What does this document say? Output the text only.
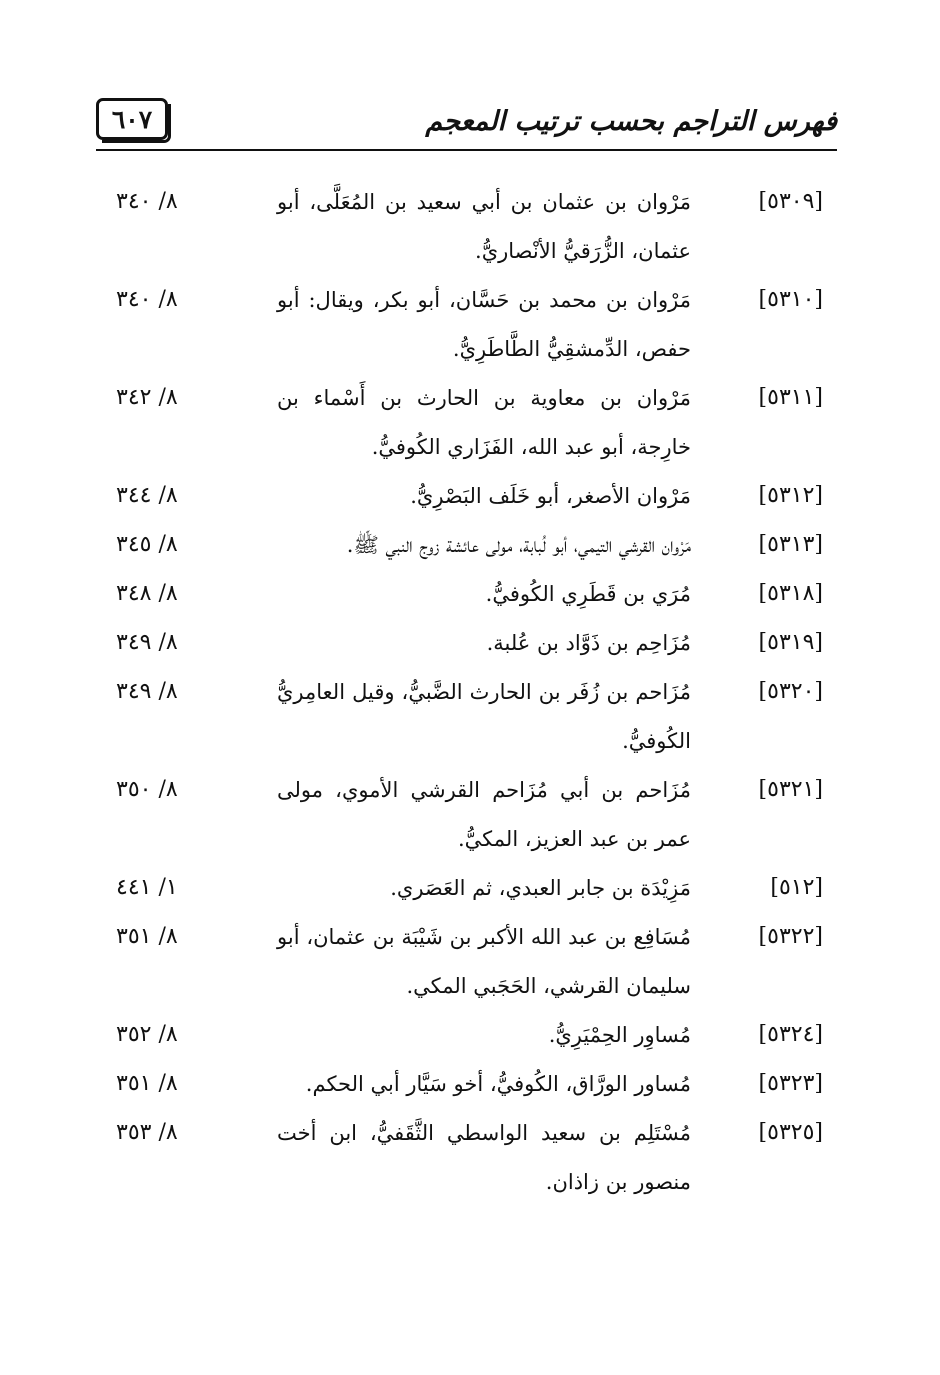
فهرس التراجم بحسب ترتيب المعجم
٦٠٧
[٥٣٠٩]
مَرْوان بن عثمان بن أبي سعيد بن المُعَلَّى، أبو عثمان، الزُّرَقيُّ الأنْصاريُّ.
٨/ ٣٤٠
[٥٣١٠]
مَرْوان بن محمد بن حَسَّان، أبو بكر، ويقال: أبو حفص، الدِّمشقِيُّ الطَّاطَرِيُّ.
٨/ ٣٤٠
[٥٣١١]
مَرْوان بن معاوية بن الحارث بن أَسْماء بن خارِجة، أبو عبد الله، الفَزَاري الكُوفيُّ.
٨/ ٣٤٢
[٥٣١٢]
مَرْوان الأصغر، أبو خَلَف البَصْرِيُّ.
٨/ ٣٤٤
[٥٣١٣]
مَرْوان القرشي التيمي، أبو لُبابة، مولى عائشة زوج النبي ﷺ.
٨/ ٣٤٥
[٥٣١٨]
مُرَي بن قَطَرِي الكُوفيُّ.
٨/ ٣٤٨
[٥٣١٩]
مُزَاحِم بن ذَوَّاد بن عُلبة.
٨/ ٣٤٩
[٥٣٢٠]
مُزَاحم بن زُفَر بن الحارث الضَّبيُّ، وقيل العامِريُّ الكُوفيُّ.
٨/ ٣٤٩
[٥٣٢١]
مُزَاحم بن أبي مُزَاحم القرشي الأموي، مولى عمر بن عبد العزيز، المكيُّ.
٨/ ٣٥٠
[٥١٢]
مَزِيْدَة بن جابر العبدي، ثم العَصَري.
١/ ٤٤١
[٥٣٢٢]
مُسَافِع بن عبد الله الأكبر بن شَيْبَة بن عثمان، أبو سليمان القرشي، الحَجَبي المكي.
٨/ ٣٥١
[٥٣٢٤]
مُساوِر الحِمْيَرِيُّ.
٨/ ٣٥٢
[٥٣٢٣]
مُساور الورَّاق، الكُوفيُّ، أخو سَيَّار أبي الحكم.
٨/ ٣٥١
[٥٣٢٥]
مُسْتَلِم بن سعيد الواسطي الثَّقَفيُّ، ابن أخت منصور بن زاذان.
٨/ ٣٥٣
